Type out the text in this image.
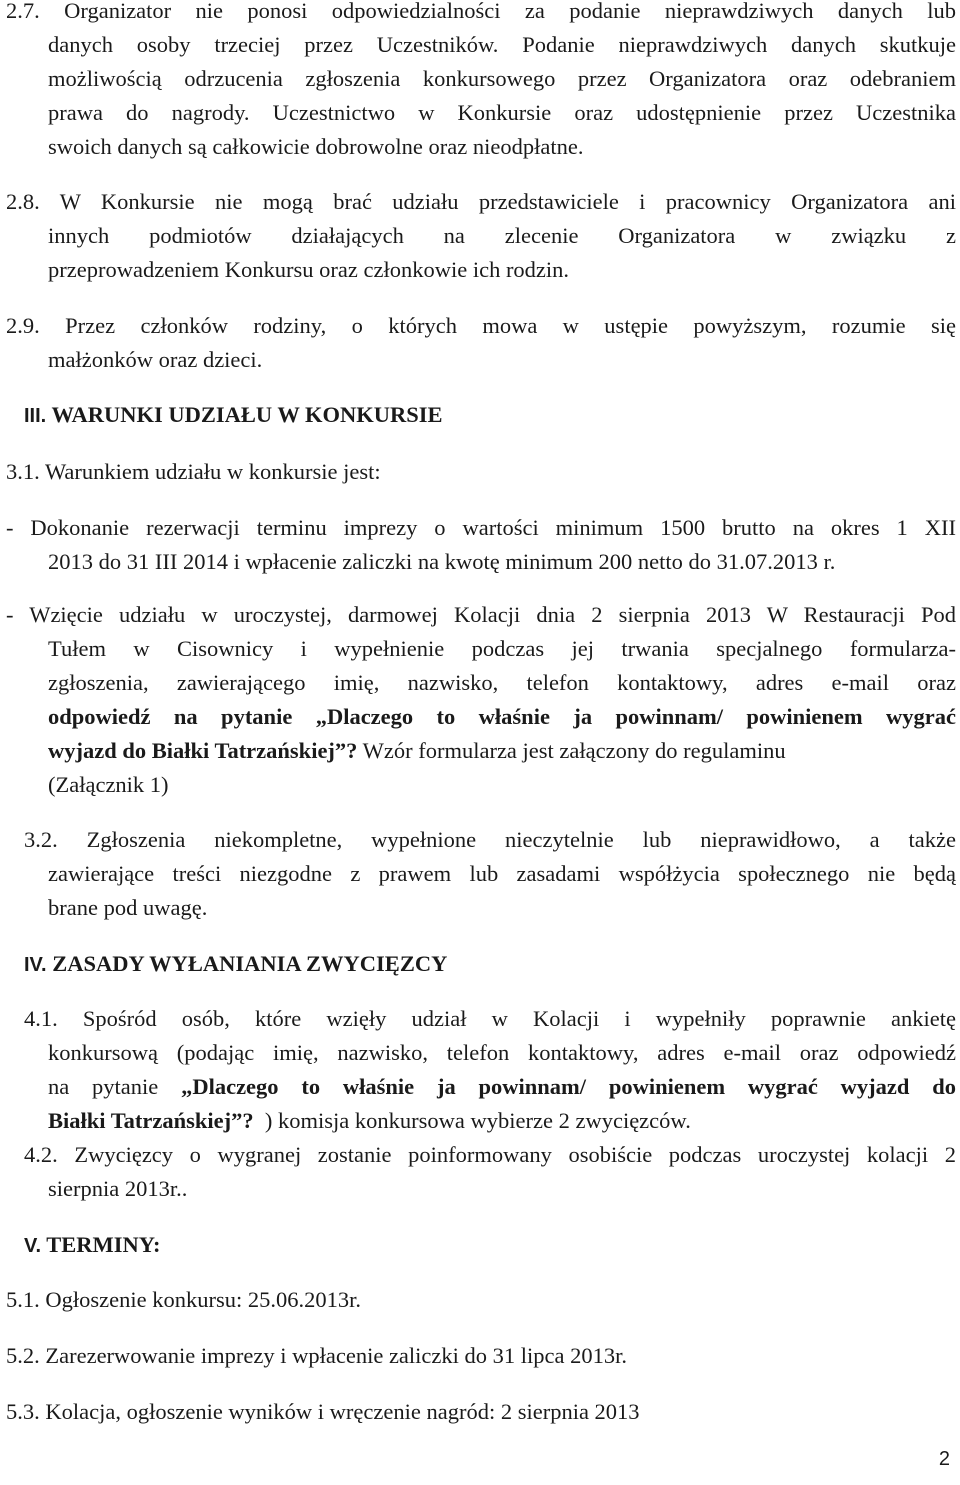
2.7. Organizator nie ponosi odpowiedzialności za podanie nieprawdziwych danych lub
danych osoby trzeciej przez Uczestników. Podanie nieprawdziwych danych skutkuje
możliwością odrzucenia zgłoszenia konkursowego przez Organizatora oraz odebraniem
prawa do nagrody. Uczestnictwo w Konkursie oraz udostępnienie przez Uczestnika
swoich danych są całkowicie dobrowolne oraz nieodpłatne.
2.8. W Konkursie nie mogą brać udziału przedstawiciele i pracownicy Organizatora ani
innych podmiotów działających na zlecenie Organizatora w związku z
przeprowadzeniem Konkursu oraz członkowie ich rodzin.
2.9. Przez członków rodziny, o których mowa w ustępie powyższym, rozumie się
małżonków oraz dzieci.
III. WARUNKI UDZIAŁU W KONKURSIE
3.1. Warunkiem udziału w konkursie jest:
- Dokonanie rezerwacji terminu imprezy o wartości minimum 1500 brutto na okres 1 XII
2013 do 31 III 2014 i wpłacenie zaliczki na kwotę minimum 200 netto do 31.07.2013 r.
- Wzięcie udziału w uroczystej, darmowej Kolacji dnia 2 sierpnia 2013 W Restauracji Pod
Tułem w Cisownicy i wypełnienie podczas jej trwania specjalnego formularza-
zgłoszenia, zawierającego imię, nazwisko, telefon kontaktowy, adres e-mail oraz
odpowiedź na pytanie „Dlaczego to właśnie ja powinnam/ powinienem wygrać
wyjazd do Białki Tatrzańskiej”? Wzór formularza jest załączony do regulaminu
(Załącznik 1)
3.2. Zgłoszenia niekompletne, wypełnione nieczytelnie lub nieprawidłowo, a także
zawierające treści niezgodne z prawem lub zasadami współżycia społecznego nie będą
brane pod uwagę.
IV. ZASADY WYŁANIANIA ZWYCIĘZCY
4.1. Spośród osób, które wzięły udział w Kolacji i wypełniły poprawnie ankietę
konkursową (podając imię, nazwisko, telefon kontaktowy, adres e-mail oraz odpowiedź
na pytanie „Dlaczego to właśnie ja powinnam/ powinienem wygrać wyjazd do
Białki Tatrzańskiej”?  ) komisja konkursowa wybierze 2 zwycięzców.
4.2. Zwycięzcy o wygranej zostanie poinformowany osobiście podczas uroczystej kolacji 2
sierpnia 2013r..
V. TERMINY:
5.1. Ogłoszenie konkursu: 25.06.2013r.
5.2. Zarezerwowanie imprezy i wpłacenie zaliczki do 31 lipca 2013r.
5.3. Kolacja, ogłoszenie wyników i wręczenie nagród: 2 sierpnia 2013
2
